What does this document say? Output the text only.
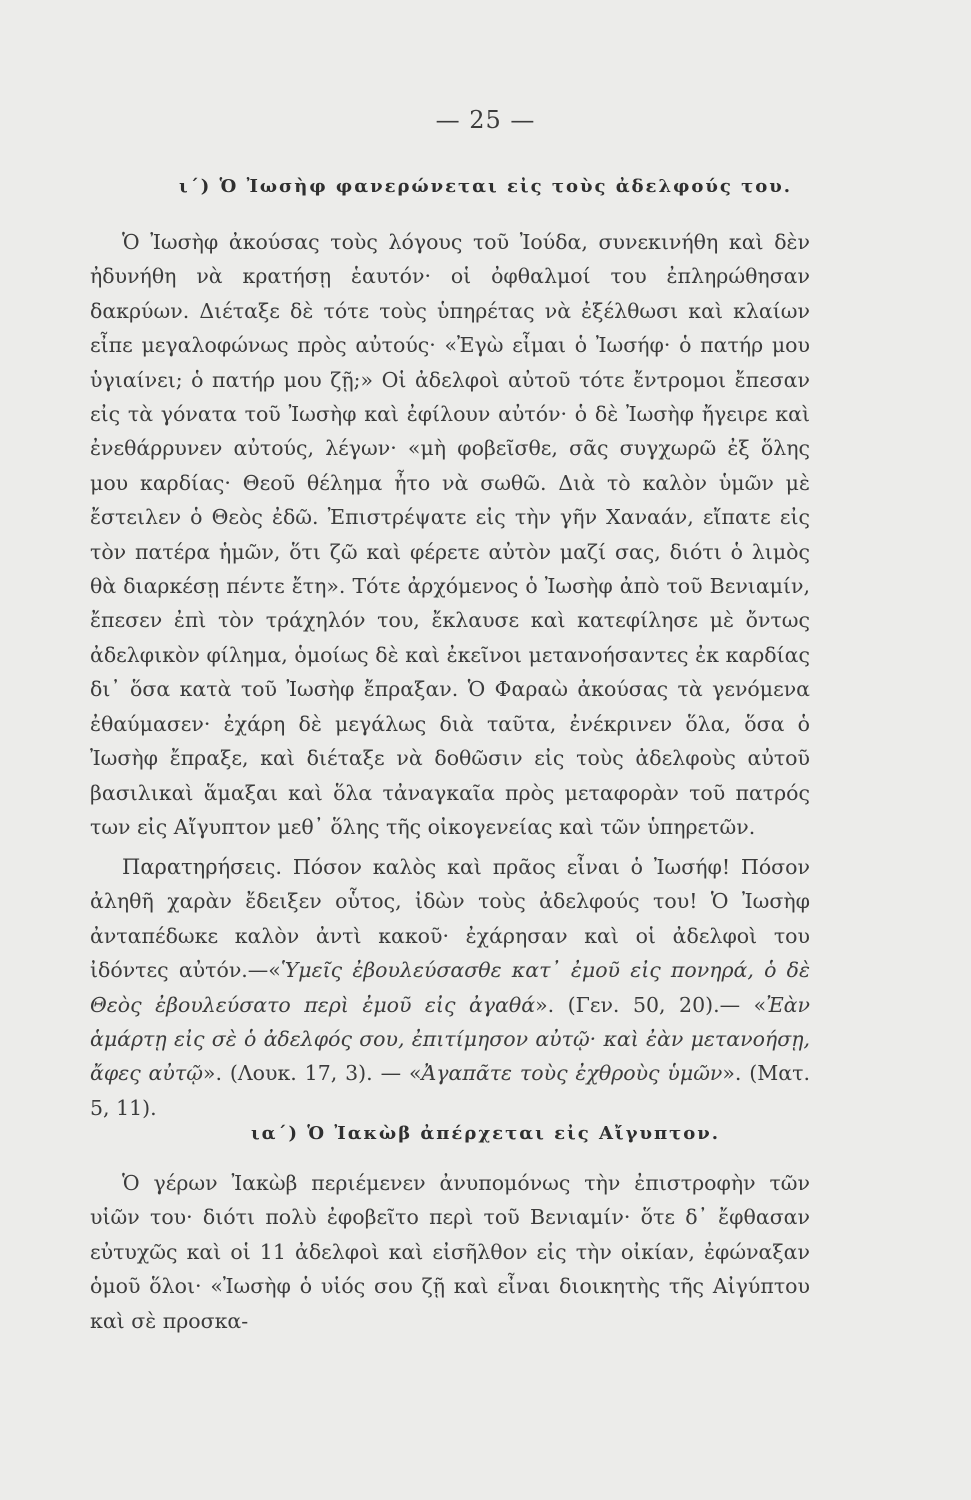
— 25 —
ι΄) Ὁ Ἰωσὴφ φανερώνεται εἰς τοὺς ἀδελφούς του.

Ὁ Ἰωσὴφ ἀκούσας τοὺς λόγους τοῦ Ἰούδα, συνεκινήθη καὶ δὲν ἠδυνήθη νὰ κρατήσῃ ἑαυτόν· οἱ ὀφθαλμοί του ἐπληρώθησαν δακρύων. Διέταξε δὲ τότε τοὺς ὑπηρέτας νὰ ἐξέλθωσι καὶ κλαίων εἶπε μεγαλοφώνως πρὸς αὐτούς· «Ἐγὼ εἶμαι ὁ Ἰωσήφ· ὁ πατήρ μου ὑγιαίνει; ὁ πατήρ μου ζῇ;» Οἱ ἀδελφοὶ αὐτοῦ τότε ἔντρομοι ἔπεσαν εἰς τὰ γόνατα τοῦ Ἰωσὴφ καὶ ἐφίλουν αὐτόν· ὁ δὲ Ἰωσὴφ ἤγειρε καὶ ἐνεθάρρυνεν αὐτούς, λέγων· «μὴ φοβεῖσθε, σᾶς συγχωρῶ ἐξ ὅλης μου καρδίας· Θεοῦ θέλημα ἦτο νὰ σωθῶ. Διὰ τὸ καλὸν ὑμῶν μὲ ἔστειλεν ὁ Θεὸς ἐδῶ. Ἐπιστρέψατε εἰς τὴν γῆν Χαναάν, εἴπατε εἰς τὸν πατέρα ἡμῶν, ὅτι ζῶ καὶ φέρετε αὐτὸν μαζί σας, διότι ὁ λιμὸς θὰ διαρκέσῃ πέντε ἔτη». Τότε ἀρχόμενος ὁ Ἰωσὴφ ἀπὸ τοῦ Βενιαμίν, ἔπεσεν ἐπὶ τὸν τράχηλόν του, ἔκλαυσε καὶ κατεφίλησε μὲ ὄντως ἀδελφικὸν φίλημα, ὁμοίως δὲ καὶ ἐκεῖνοι μετανοήσαντες ἐκ καρδίας δι᾽ ὅσα κατὰ τοῦ Ἰωσὴφ ἔπραξαν. Ὁ Φαραὼ ἀκούσας τὰ γενόμενα ἐθαύμασεν· ἐχάρη δὲ μεγάλως διὰ ταῦτα, ἐνέκρινεν ὅλα, ὅσα ὁ Ἰωσὴφ ἔπραξε, καὶ διέταξε νὰ δοθῶσιν εἰς τοὺς ἀδελφοὺς αὐτοῦ βασιλικαὶ ἅμαξαι καὶ ὅλα τἀναγκαῖα πρὸς μεταφορὰν τοῦ πατρός των εἰς Αἴγυπτον μεθ᾽ ὅλης τῆς οἰκογενείας καὶ τῶν ὑπηρετῶν.

Παρατηρήσεις. Πόσον καλὸς καὶ πρᾶος εἶναι ὁ Ἰωσήφ! Πόσον ἀληθῆ χαρὰν ἔδειξεν οὗτος, ἰδὼν τοὺς ἀδελφούς του! Ὁ Ἰωσὴφ ἀνταπέδωκε καλὸν ἀντὶ κακοῦ· ἐχάρησαν καὶ οἱ ἀδελφοὶ του ἰδόντες αὐτόν.—«Ὑμεῖς ἐβουλεύσασθε κατ᾽ ἐμοῦ εἰς πονηρά, ὁ δὲ Θεὸς ἐβουλεύσατο περὶ ἐμοῦ εἰς ἀγαθά». (Γεν. 50, 20).— «Ἐὰν ἁμάρτῃ εἰς σὲ ὁ ἀδελφός σου, ἐπιτίμησον αὐτῷ· καὶ ἐὰν μετανοήσῃ, ἄφες αὐτῷ». (Λουκ. 17, 3). — «Ἀγαπᾶτε τοὺς ἐχθροὺς ὑμῶν». (Ματ. 5, 11).

ια΄) Ὁ Ἰακὼβ ἀπέρχεται εἰς Αἴγυπτον.

Ὁ γέρων Ἰακὼβ περιέμενεν ἀνυπομόνως τὴν ἐπιστροφὴν τῶν υἱῶν του· διότι πολὺ ἐφοβεῖτο περὶ τοῦ Βενιαμίν· ὅτε δ᾽ ἔφθασαν εὐτυχῶς καὶ οἱ 11 ἀδελφοὶ καὶ εἰσῆλθον εἰς τὴν οἰκίαν, ἐφώναξαν ὁμοῦ ὅλοι· «Ἰωσὴφ ὁ υἱός σου ζῇ καὶ εἶναι διοικητὴς τῆς Αἰγύπτου καὶ σὲ προσκα-
